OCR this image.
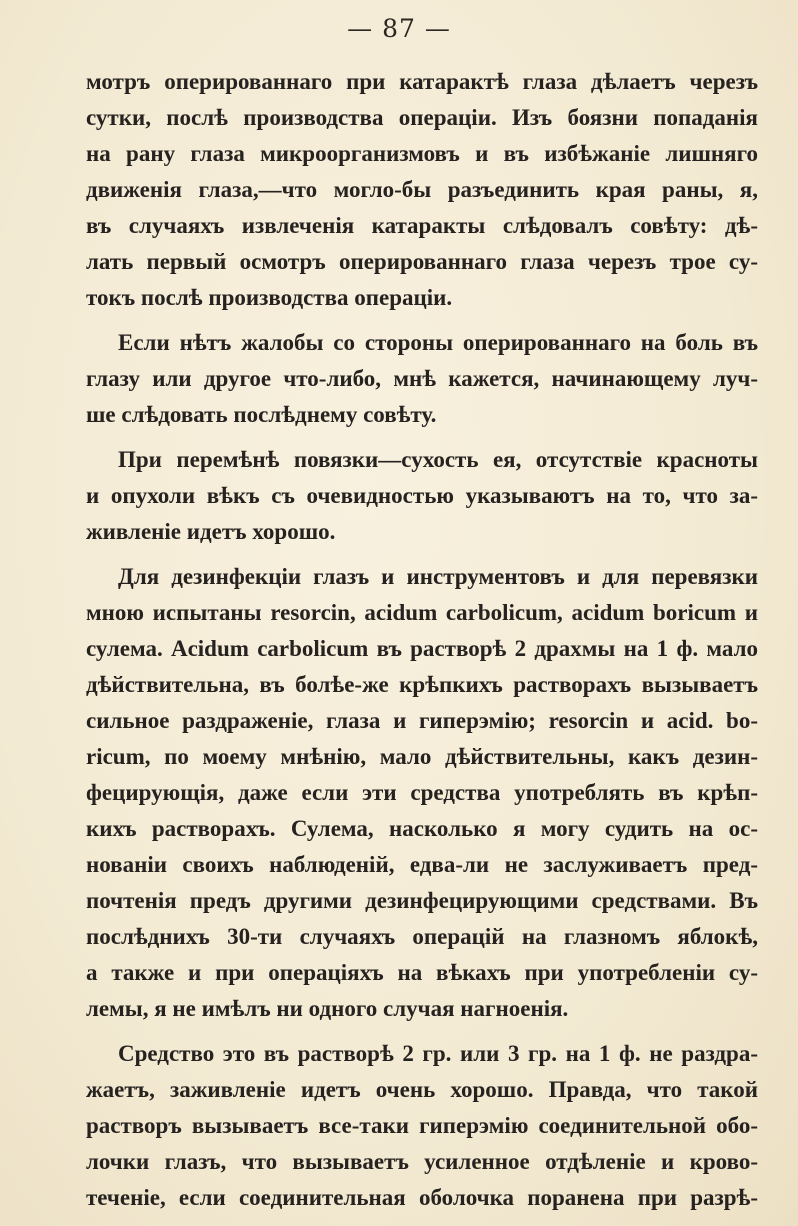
— 87 —
мотръ оперированнаго при катарактѣ глаза дѣлаетъ черезъ
сутки, послѣ производства операціи. Изъ боязни попаданія
на рану глаза микроорганизмовъ и въ избѣжаніе лишняго
движенія глаза,—что могло-бы разъединить края раны, я,
въ случаяхъ извлеченія катаракты слѣдовалъ совѣту: дѣ-
лать первый осмотръ оперированнаго глаза черезъ трое су-
токъ послѣ производства операціи.
Если нѣтъ жалобы со стороны оперированнаго на боль въ
глазу или другое что-либо, мнѣ кажется, начинающему луч-
ше слѣдовать послѣднему совѣту.
При перемѣнѣ повязки—сухость ея, отсутствіе красноты
и опухоли вѣкъ съ очевидностью указываютъ на то, что за-
живленіе идетъ хорошо.
Для дезинфекціи глазъ и инструментовъ и для перевязки
мною испытаны resorcin, acidum carbolicum, acidum boricum и
сулема. Acidum carbolicum въ растворѣ 2 драхмы на 1 ф. мало
дѣйствительна, въ болѣе-же крѣпкихъ растворахъ вызываетъ
сильное раздраженіе, глаза и гиперэмію; resorcin и acid. bo-
ricum, по моему мнѣнію, мало дѣйствительны, какъ дезин-
фецирующія, даже если эти средства употреблять въ крѣп-
кихъ растворахъ. Сулема, насколько я могу судить на ос-
нованіи своихъ наблюденій, едва-ли не заслуживаетъ пред-
почтенія предъ другими дезинфецирующими средствами. Въ
послѣднихъ 30-ти случаяхъ операцій на глазномъ яблокѣ,
а также и при операціяхъ на вѣкахъ при употребленіи су-
лемы, я не имѣлъ ни одного случая нагноенія.
Средство это въ растворѣ 2 гр. или 3 гр. на 1 ф. не раздра-
жаетъ, заживленіе идетъ очень хорошо. Правда, что такой
растворъ вызываетъ все-таки гиперэмію соединительной обо-
лочки глазъ, что вызываетъ усиленное отдѣленіе и крово-
теченіе, если соединительная оболочка поранена при разрѣ-
